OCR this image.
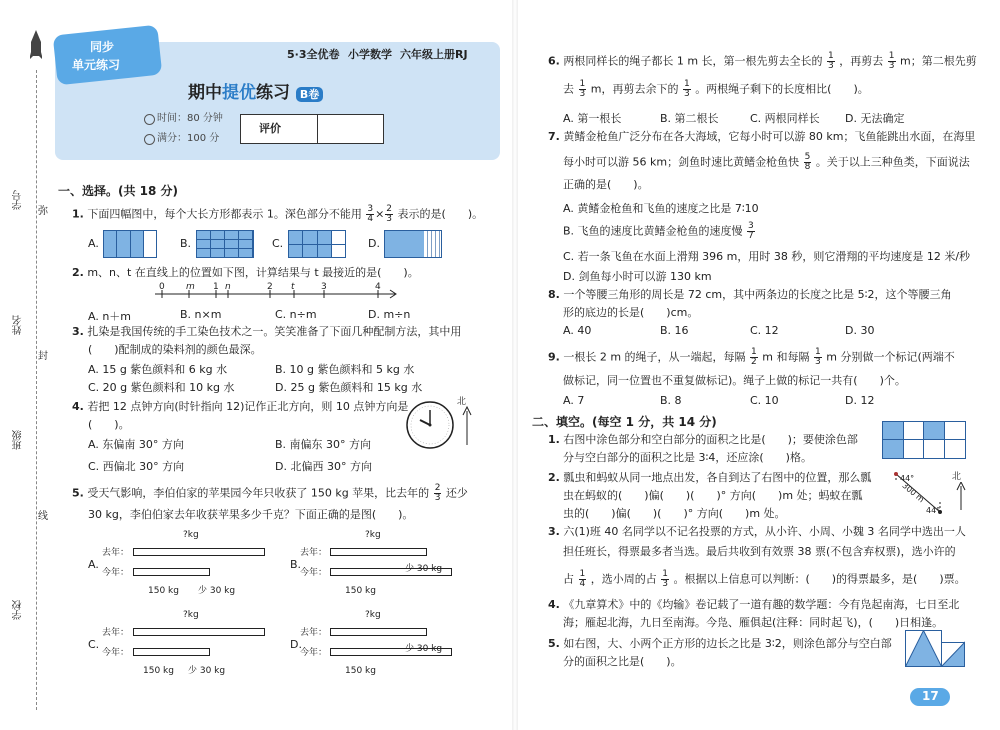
学号
弥
姓名
封
班级
线
学校
同步
单元练习
5·3全优卷 小学数学 六年级上册 RJ
期中提优练习 B卷
时间：80 分钟
满分：100 分
评价
一、选择。(共 18 分)
1. 下面四幅图中，每个大长方形都表示 1。深色部分不能用 $\frac{3}{4} \times \frac{2}{3}$ 表示的是(　　)。
A.	B.	C.	D.
2. m、n、t 在直线上的位置如下图，计算结果与 t 最接近的是(　　)。
0 m 1 n	2 t	3	4
A. n＋m	B. n×m	C. n÷m	D. m÷n
3. 扎染是我国传统的手工染色技术之一。笑笑准备了下面几种配制方法，其中用
(　　)配制成的染料剂的颜色最深。
A. 15 g 紫色颜料和 6 kg 水	B. 10 g 紫色颜料和 5 kg 水
C. 20 g 紫色颜料和 10 kg 水	D. 25 g 紫色颜料和 15 kg 水
4. 若把 12 点钟方向(时针指向 12)记作正北方向，则 10 点钟方向是
(　　)。
北
A. 东偏南 30° 方向	B. 南偏东 30° 方向
C. 西偏北 30° 方向	D. 北偏西 30° 方向
5. 受天气影响，李伯伯家的苹果园今年只收获了 150 kg 苹果，比去年的 $\frac{2}{3}$ 还少
30 kg，李伯伯家去年收获苹果多少千克？下面正确的是图(　　)。
A.
?kg
去年：
今年：
150 kg 少 30 kg
B.
?kg
去年：
今年：	少 30 kg
150 kg
C.
?kg
去年：
今年：
150 kg 少 30 kg
D.
?kg
去年：
今年：	少 30 kg
150 kg
6. 两根同样长的绳子都长 1 m 长，第一根先剪去全长的 $\frac{1}{3}$ ，再剪去 $\frac{1}{3}$ m；第二根先剪
去 $\frac{1}{3}$ m，再剪去余下的 $\frac{1}{3}$ 。两根绳子剩下的长度相比(　　)。
A. 第一根长	B. 第二根长	C. 两根同样长 D. 无法确定
7. 黄鳍金枪鱼广泛分布在各大海域，它每小时可以游 80 km；飞鱼能跳出水面，在海里
每小时可以游 56 km；剑鱼时速比黄鳍金枪鱼快 $\frac{5}{8}$ 。关于以上三种鱼类，下面说法
正确的是(　　)。
A. 黄鳍金枪鱼和飞鱼的速度之比是 7∶10
B. 飞鱼的速度比黄鳍金枪鱼的速度慢 $\frac{3}{7}$
C. 若一条飞鱼在水面上滑翔 396 m，用时 38 秒，则它滑翔的平均速度是 12 米/秒
D. 剑鱼每小时可以游 130 km
8. 一个等腰三角形的周长是 72 cm，其中两条边的长度之比是 5∶2，这个等腰三角
形的底边的长是(　　)cm。
A. 40	B. 16	C. 12	D. 30
9. 一根长 2 m 的绳子，从一端起，每隔 $\frac{1}{2}$ m 和每隔 $\frac{1}{3}$ m 分别做一个标记(两端不
做标记，同一位置也不重复做标记)。绳子上做的标记一共有(　　)个。
A. 7	B. 8	C. 10	D. 12
二、填空。(每空 1 分，共 14 分)
1. 右图中涂色部分和空白部分的面积之比是(　　)；要使涂色部
分与空白部分的面积之比是 3∶4，还应涂(　　)格。
2. 瓢虫和蚂蚁从同一地点出发，各自到达了右图中的位置，那么瓢
虫在蚂蚁的(　　)偏(　　)(　　)° 方向(　　)m 处；蚂蚁在瓢
虫的(　　)偏(　　)(　　)° 方向(　　)m 处。
44°
300 m
44°
北
3. 六(1)班 40 名同学以不记名投票的方式，从小许、小周、小魏 3 名同学中选出一人
担任班长，得票最多者当选。最后共收到有效票 38 票(不包含弃权票)，选小许的
占 $\frac{1}{4}$ ，选小周的占 $\frac{1}{3}$ 。根据以上信息可以判断：(　　)的得票最多，是(　　)票。
4. 《九章算术》中的《均输》卷记载了一道有趣的数学题：今有凫起南海，七日至北
海；雁起北海，九日至南海。今凫、雁俱起(注释：同时起飞)，(　　)日相逢。
5. 如右图，大、小两个正方形的边长之比是 3∶2，则涂色部分与空白部
分的面积之比是(　　)。
17
